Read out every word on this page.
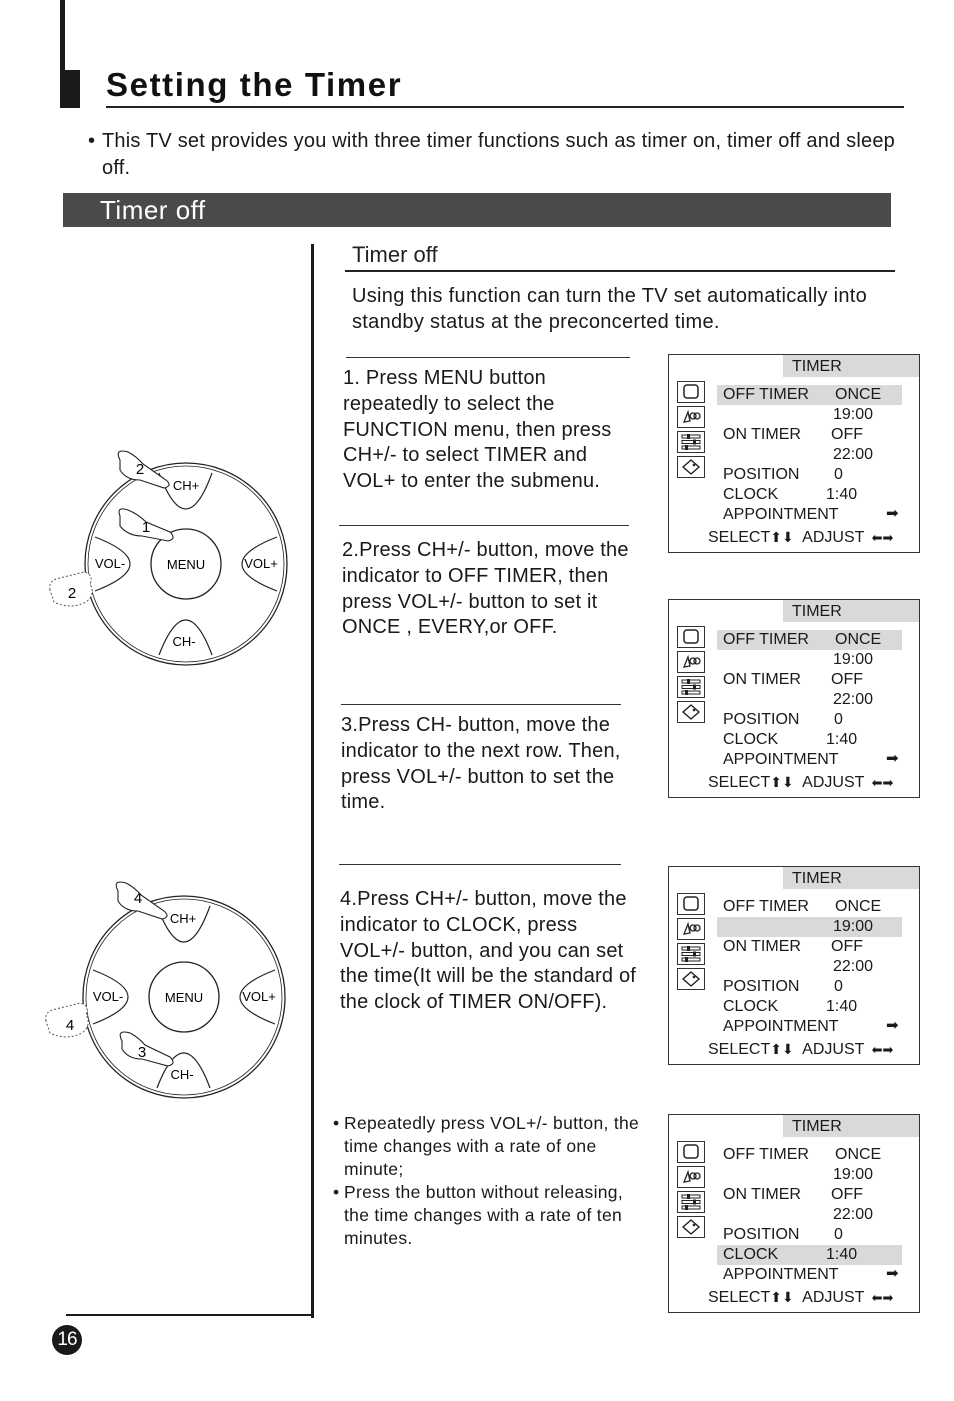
Setting the Timer
• This TV set provides you with three timer functions such as timer on, timer off and sleep off.
Timer off
Timer off
Using this function can turn the TV set automatically into standby status at the preconcerted time.
1. Press MENU button repeatedly to select the FUNCTION menu, then press CH+/- to select TIMER and VOL+ to enter the submenu.
2.Press CH+/- button, move the indicator to OFF TIMER, then press VOL+/- button to set it ONCE , EVERY,or OFF.
3.Press CH- button, move the indicator to the next row. Then, press VOL+/- button to set the time.
4.Press CH+/- button, move the indicator to CLOCK, press VOL+/- button, and you can set the time(It will be the standard of the clock of TIMER ON/OFF).
• Repeatedly press VOL+/- button, the time changes with a rate of one minute;
• Press the button without releasing, the time changes with a rate of ten minutes.
TIMER
OFF TIMER ONCE
19:00
ON TIMER OFF
22:00
POSITION 0
CLOCK	1:40
APPOINTMENT	➡
SELECT⬆⬇ ADJUST ⬅➡
TIMER
OFF TIMER ONCE
19:00
ON TIMER OFF
22:00
POSITION 0
CLOCK	1:40
APPOINTMENT	➡
SELECT⬆⬇ ADJUST ⬅➡
TIMER
OFF TIMER ONCE
19:00
ON TIMER OFF
22:00
POSITION 0
CLOCK	1:40
APPOINTMENT	➡
SELECT⬆⬇ ADJUST ⬅➡
TIMER
OFF TIMER ONCE
19:00
ON TIMER OFF
22:00
POSITION 0
CLOCK	1:40
APPOINTMENT	➡
SELECT⬆⬇ ADJUST ⬅➡
MENU
CH+
CH-
VOL-	VOL+
2
1
2
MENU
CH+
CH-
VOL-	VOL+
4
4
3
16
